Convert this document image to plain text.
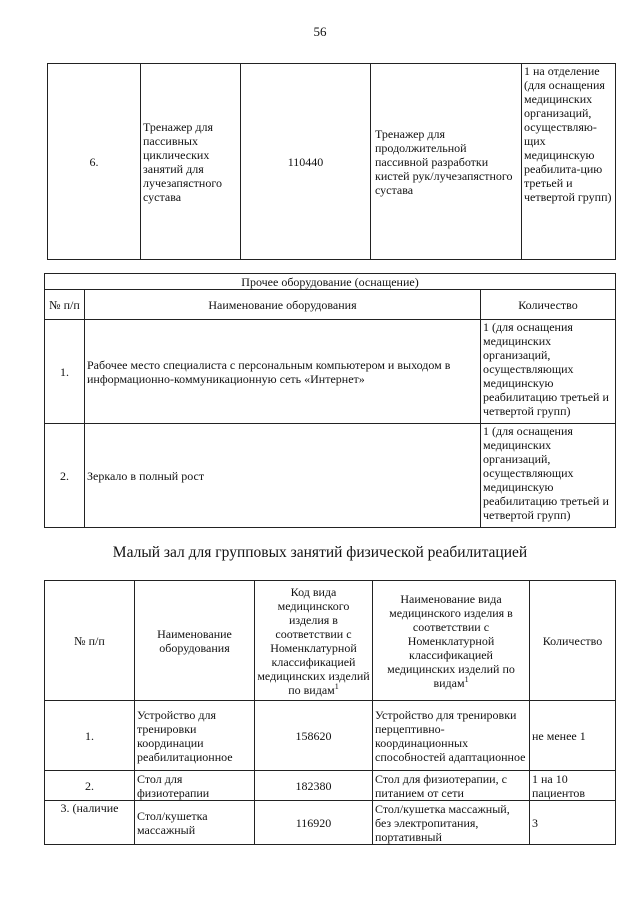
56
6.	Тренажер для пассивных циклических занятий для лучезапястного сустава	110440	Тренажер для продолжительной пассивной разработки кистей рук/лучезапястного сустава	1 на отделение (для оснащения медицинских организаций, осуществляю-щих медицинскую реабилита-цию третьей и четвертой групп)
Прочее оборудование (оснащение)		
№ п/п	Наименование оборудования	Количество
1.	Рабочее место специалиста с персональным компьютером и выходом в информационно-коммуникационную сеть «Интернет»	1 (для оснащения медицинских организаций, осуществляющих медицинскую реабилитацию третьей и четвертой групп)
2.	Зеркало в полный рост	1 (для оснащения медицинских организаций, осуществляющих медицинскую реабилитацию третьей и четвертой групп)
Малый зал для групповых занятий физической реабилитацией
№ п/п	Наименование оборудования	Код вида медицинского изделия в соответствии с Номенклатурной классификацией медицинских изделий по видам$^1$	Наименование вида медицинского изделия в соответствии с Номенклатурной классификацией медицинских изделий по видам$^1$	Количество
1.	Устройство для тренировки координации реабилитационное	158620	Устройство для тренировки перцептивно-координационных способностей адаптационное	не менее 1
2.	Стол для физиотерапии	182380	Стол для физиотерапии, с питанием от сети	1 на 10 пациентов
3. (наличие	Стол/кушетка массажный	116920	Стол/кушетка массажный, без электропитания, портативный	3
